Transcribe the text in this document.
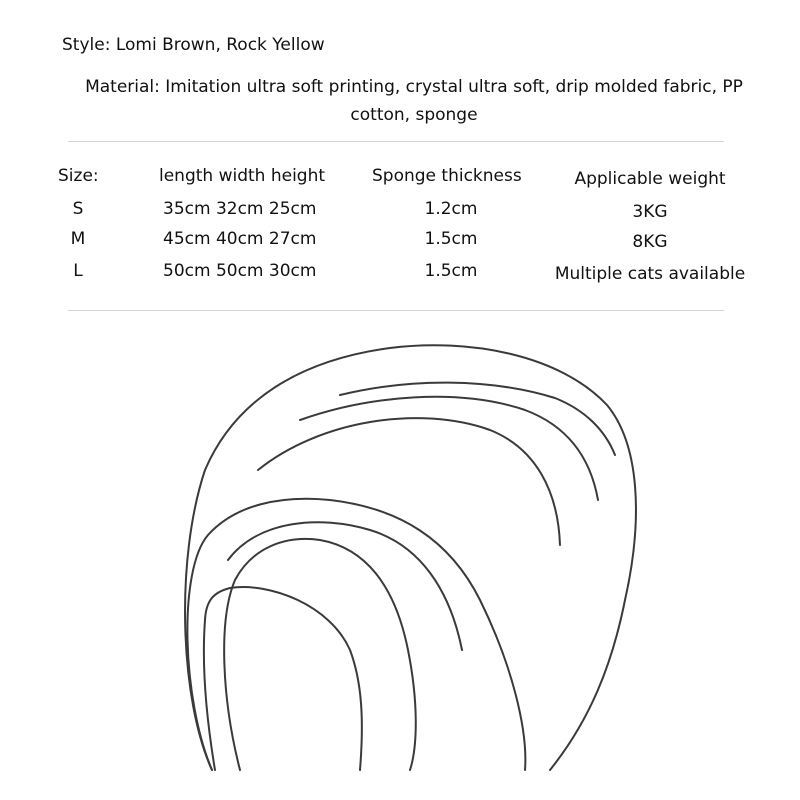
Style: Lomi Brown, Rock Yellow
Material: Imitation ultra soft printing, crystal ultra soft, drip molded fabric, PP
cotton, sponge
Size:	length width height	Sponge thickness	Applicable weight
S	35cm 32cm 25cm	1.2cm	3KG
M	45cm 40cm 27cm	1.5cm	8KG
L	50cm 50cm 30cm	1.5cm	Multiple cats available
